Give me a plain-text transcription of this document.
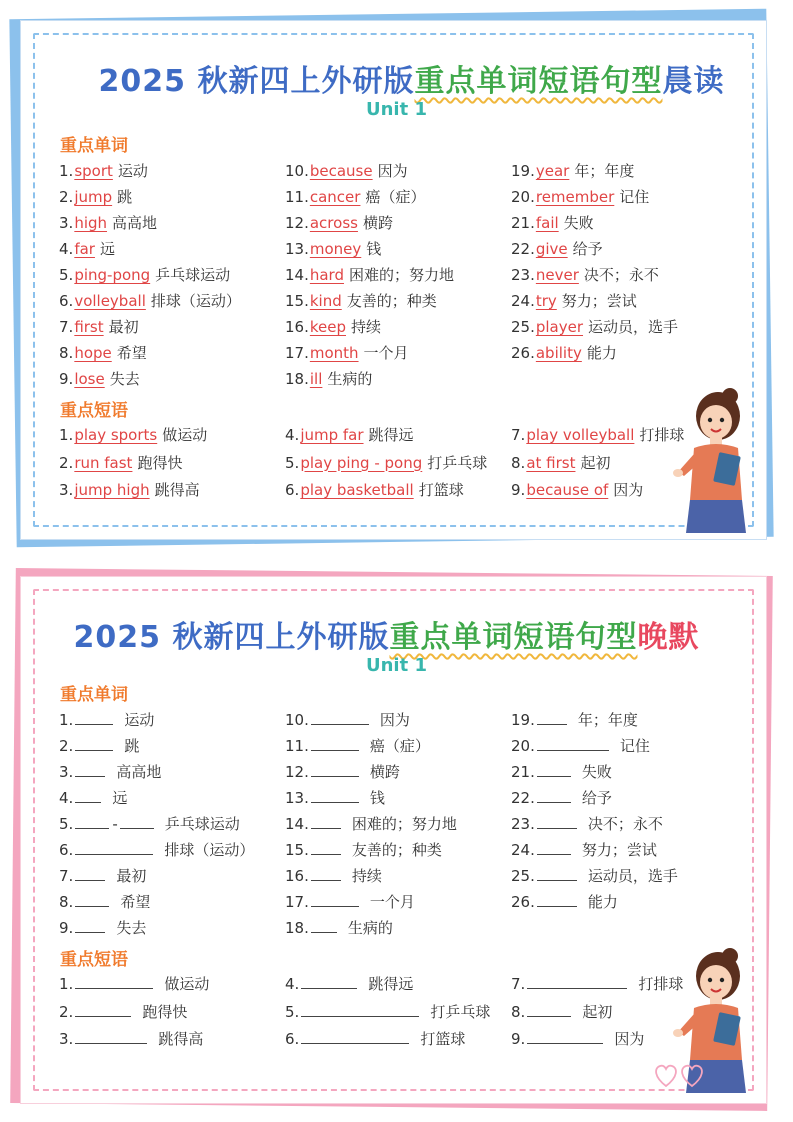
2025 秋新四上外研版重点单词短语句型晨读
Unit 1
重点单词
1.sport 运动
2.jump 跳
3.high 高高地
4.far 远
5.ping-pong 乒乓球运动
6.volleyball 排球（运动）
7.first 最初
8.hope 希望
9.lose 失去
10.because 因为
11.cancer 癌（症）
12.across 横跨
13.money 钱
14.hard 困难的；努力地
15.kind 友善的；种类
16.keep 持续
17.month 一个月
18.ill 生病的
19.year 年；年度
20.remember 记住
21.fail 失败
22.give 给予
23.never 决不；永不
24.try 努力；尝试
25.player 运动员，选手
26.ability 能力
重点短语
1.play sports 做运动
2.run fast 跑得快
3.jump high 跳得高
4.jump far 跳得远
5.play ping - pong 打乒乓球
6.play basketball 打篮球
7.play volleyball 打排球
8.at first 起初
9.because of 因为
2025 秋新四上外研版重点单词短语句型晚默
Unit 1
重点单词
1.	运动
2.	跳
3.	高高地
4.	远
5.	-	乒乓球运动
6.	排球（运动）
7.	最初
8.	希望
9.	失去
10.	因为
11.	癌（症）
12.	横跨
13.	钱
14.	困难的；努力地
15.	友善的；种类
16.	持续
17.	一个月
18.	生病的
19.	年；年度
20.	记住
21.	失败
22.	给予
23.	决不；永不
24.	努力；尝试
25.	运动员，选手
26.	能力
重点短语
1.	做运动
2.	跑得快
3.	跳得高
4.	跳得远
5.	打乒乓球
6.	打篮球
7.	打排球
8.	起初
9.	因为
